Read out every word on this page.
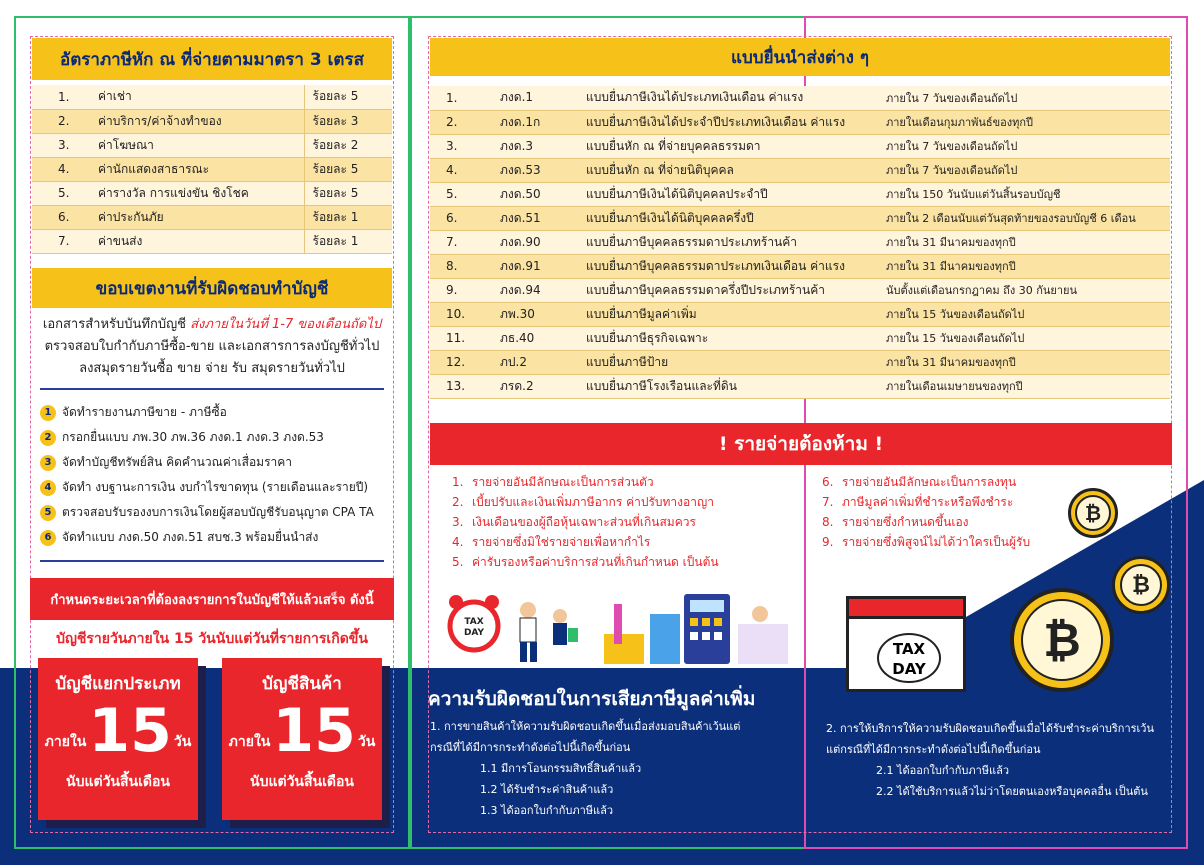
อัตราภาษีหัก ณ ที่จ่ายตามมาตรา 3 เตรส
1.	ค่าเช่า	ร้อยละ 5
2.	ค่าบริการ/ค่าจ้างทำของ	ร้อยละ 3
3.	ค่าโฆษณา	ร้อยละ 2
4.	ค่านักแสดงสาธารณะ	ร้อยละ 5
5.	ค่ารางวัล การแข่งขัน ชิงโชค	ร้อยละ 5
6.	ค่าประกันภัย	ร้อยละ 1
7.	ค่าขนส่ง	ร้อยละ 1
ขอบเขตงานที่รับผิดชอบทำบัญชี
เอกสารสำหรับบันทึกบัญชี ส่งภายในวันที่ 1-7 ของเดือนถัดไป
ตรวจสอบใบกำกับภาษีซื้อ-ขาย และเอกสารการลงบัญชีทั่วไป
ลงสมุดรายวันซื้อ ขาย จ่าย รับ สมุดรายวันทั่วไป
1 จัดทำรายงานภาษีขาย - ภาษีซื้อ
2 กรอกยื่นแบบ ภพ.30 ภพ.36 ภงด.1 ภงด.3 ภงด.53
3 จัดทำบัญชีทรัพย์สิน คิดคำนวณค่าเสื่อมราคา
4 จัดทำ งบฐานะการเงิน งบกำไรขาดทุน (รายเดือนและรายปี)
5 ตรวจสอบรับรองงบการเงินโดยผู้สอบบัญชีรับอนุญาต CPA TA
6 จัดทำแบบ ภงด.50 ภงด.51 สบช.3 พร้อมยื่นนำส่ง
กำหนดระยะเวลาที่ต้องลงรายการในบัญชีให้แล้วเสร็จ ดังนี้
บัญชีรายวันภายใน 15 วันนับแต่วันที่รายการเกิดขึ้น
บัญชีแยกประเภท
ภายใน 15 วัน
นับแต่วันสิ้นเดือน
บัญชีสินค้า
ภายใน 15 วัน
นับแต่วันสิ้นเดือน
แบบยื่นนำส่งต่าง ๆ
1.	ภงด.1	แบบยื่นภาษีเงินได้ประเภทเงินเดือน ค่าแรง	ภายใน 7 วันของเดือนถัดไป
2.	ภงด.1ก	แบบยื่นภาษีเงินได้ประจำปีประเภทเงินเดือน ค่าแรง	ภายในเดือนกุมภาพันธ์ของทุกปี
3.	ภงด.3	แบบยื่นหัก ณ ที่จ่ายบุคคลธรรมดา	ภายใน 7 วันของเดือนถัดไป
4.	ภงด.53	แบบยื่นหัก ณ ที่จ่ายนิติบุคคล	ภายใน 7 วันของเดือนถัดไป
5.	ภงด.50	แบบยื่นภาษีเงินได้นิติบุคคลประจำปี	ภายใน 150 วันนับแต่วันสิ้นรอบบัญชี
6.	ภงด.51	แบบยื่นภาษีเงินได้นิติบุคคลครึ่งปี	ภายใน 2 เดือนนับแต่วันสุดท้ายของรอบบัญชี 6 เดือน
7.	ภงด.90	แบบยื่นภาษีบุคคลธรรมดาประเภทร้านค้า	ภายใน 31 มีนาคมของทุกปี
8.	ภงด.91	แบบยื่นภาษีบุคคลธรรมดาประเภทเงินเดือน ค่าแรง	ภายใน 31 มีนาคมของทุกปี
9.	ภงด.94	แบบยื่นภาษีบุคคลธรรมดาครึ่งปีประเภทร้านค้า	นับตั้งแต่เดือนกรกฎาคม ถึง 30 กันยายน
10.	ภพ.30	แบบยื่นภาษีมูลค่าเพิ่ม	ภายใน 15 วันของเดือนถัดไป
11.	ภธ.40	แบบยื่นภาษีธุรกิจเฉพาะ	ภายใน 15 วันของเดือนถัดไป
12.	ภป.2	แบบยื่นภาษีป้าย	ภายใน 31 มีนาคมของทุกปี
13.	ภรด.2	แบบยื่นภาษีโรงเรือนและที่ดิน	ภายในเดือนเมษายนของทุกปี
! รายจ่ายต้องห้าม !
1. รายจ่ายอันมีลักษณะเป็นการส่วนตัว
2. เบี้ยปรับและเงินเพิ่มภาษีอากร ค่าปรับทางอาญา
3. เงินเดือนของผู้ถือหุ้นเฉพาะส่วนที่เกินสมควร
4. รายจ่ายซึ่งมิใช่รายจ่ายเพื่อหากำไร
5. ค่ารับรองหรือค่าบริการส่วนที่เกินกำหนด เป็นต้น
6. รายจ่ายอันมีลักษณะเป็นการลงทุน
7. ภาษีมูลค่าเพิ่มที่ชำระหรือพึงชำระ
8. รายจ่ายซึ่งกำหนดขึ้นเอง
9. รายจ่ายซึ่งพิสูจน์ไม่ได้ว่าใครเป็นผู้รับ
TAX
DAY
₿
₿
₿
TAX
DAY
ความรับผิดชอบในการเสียภาษีมูลค่าเพิ่ม
1. การขายสินค้าให้ความรับผิดชอบเกิดขึ้นเมื่อส่งมอบสินค้าเว้นแต่
กรณีที่ได้มีการกระทำดังต่อไปนี้เกิดขึ้นก่อน
1.1 มีการโอนกรรมสิทธิ์สินค้าแล้ว
1.2 ได้รับชำระค่าสินค้าแล้ว
1.3 ได้ออกใบกำกับภาษีแล้ว
2. การให้บริการให้ความรับผิดชอบเกิดขึ้นเมื่อได้รับชำระค่าบริการเว้น
แต่กรณีที่ได้มีการกระทำดังต่อไปนี้เกิดขึ้นก่อน
2.1 ได้ออกใบกำกับภาษีแล้ว
2.2 ได้ใช้บริการแล้วไม่ว่าโดยตนเองหรือบุคคลอื่น เป็นต้น
